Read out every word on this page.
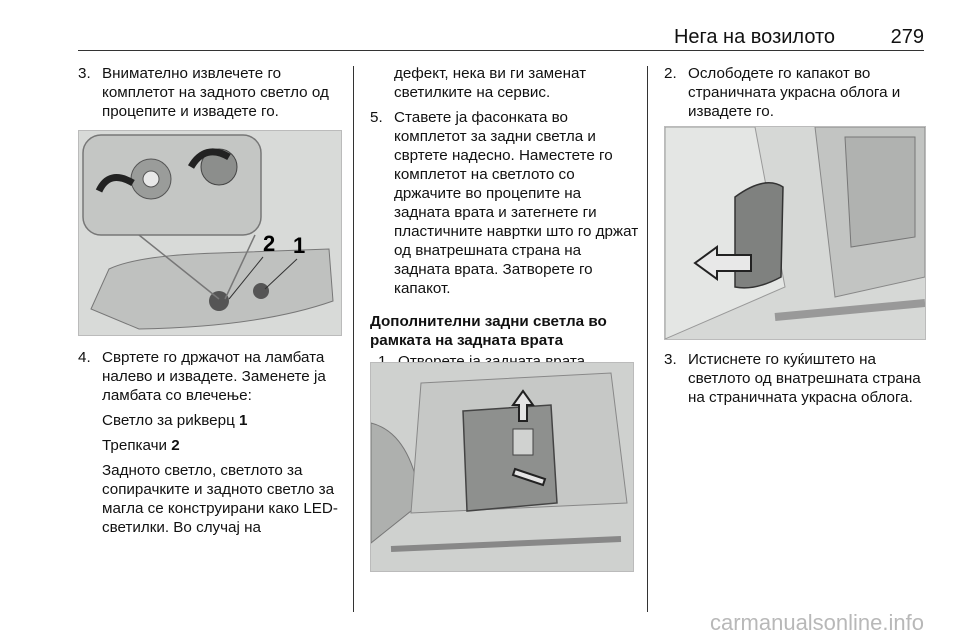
Нега на возилото	279

3. Внимателно извлечете го комплетот на задното светло од процепите и извадете го.

2 1

4. Свртете го држачот на ламбата налево и извадете. Заменете ја ламбата со влечење:

Светло за риkверц 1
Трепкачи 2
Задното светло, светлото за сопирачките и задното светло за магла се конструирани како LED-светилки. Во случај на
дефект, нека ви ги заменат светилките на сервис.

5. Ставете ја фасонката во комплетот за задни светла и свртете надесно. Наместете го комплетот на светлото со држачите во процепите на задната врата и затегнете ги пластичните навртки што го држат од внатрешната страна на задната врата. Затворете го капакот.

Дополнителни задни светла во рамката на задната врата

2. Ослободете го капакот во страничната украсна облога и извадете го.

3. Истиснете го куќиштето на светлото од внатрешната страна на страничната украсна облога.

carmanualsonline.info
